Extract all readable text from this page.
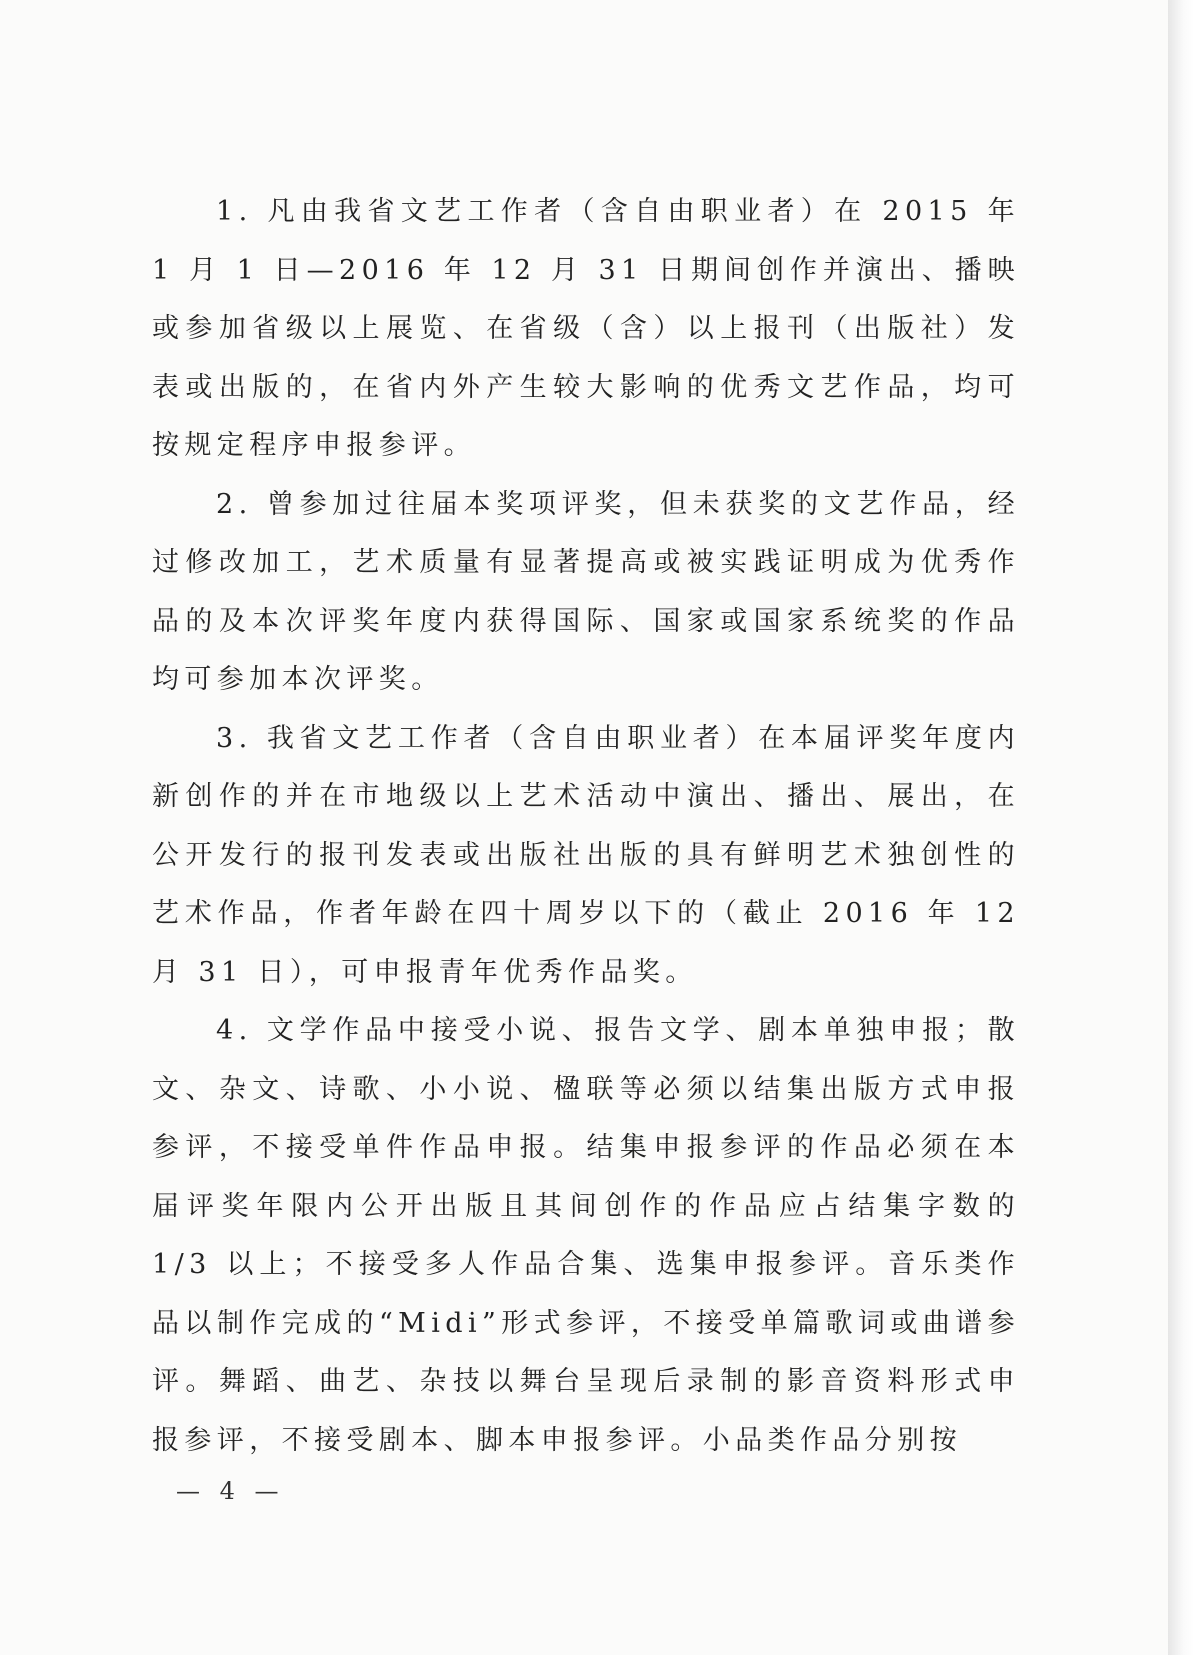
1. 凡由我省文艺工作者（含自由职业者）在 2015 年 1 月 1 日—2016 年 12 月 31 日期间创作并演出、播映或参加省级以上展览、在省级（含）以上报刊（出版社）发表或出版的，在省内外产生较大影响的优秀文艺作品，均可按规定程序申报参评。

2. 曾参加过往届本奖项评奖，但未获奖的文艺作品，经过修改加工，艺术质量有显著提高或被实践证明成为优秀作品的及本次评奖年度内获得国际、国家或国家系统奖的作品均可参加本次评奖。

3. 我省文艺工作者（含自由职业者）在本届评奖年度内新创作的并在市地级以上艺术活动中演出、播出、展出，在公开发行的报刊发表或出版社出版的具有鲜明艺术独创性的艺术作品，作者年龄在四十周岁以下的（截止 2016 年 12 月 31 日），可申报青年优秀作品奖。

4. 文学作品中接受小说、报告文学、剧本单独申报；散文、杂文、诗歌、小小说、楹联等必须以结集出版方式申报参评，不接受单件作品申报。结集申报参评的作品必须在本届评奖年限内公开出版且其间创作的作品应占结集字数的 1/3 以上；不接受多人作品合集、选集申报参评。音乐类作品以制作完成的“Midi”形式参评，不接受单篇歌词或曲谱参评。舞蹈、曲艺、杂技以舞台呈现后录制的影音资料形式申报参评，不接受剧本、脚本申报参评。小品类作品分别按

— 4 —
